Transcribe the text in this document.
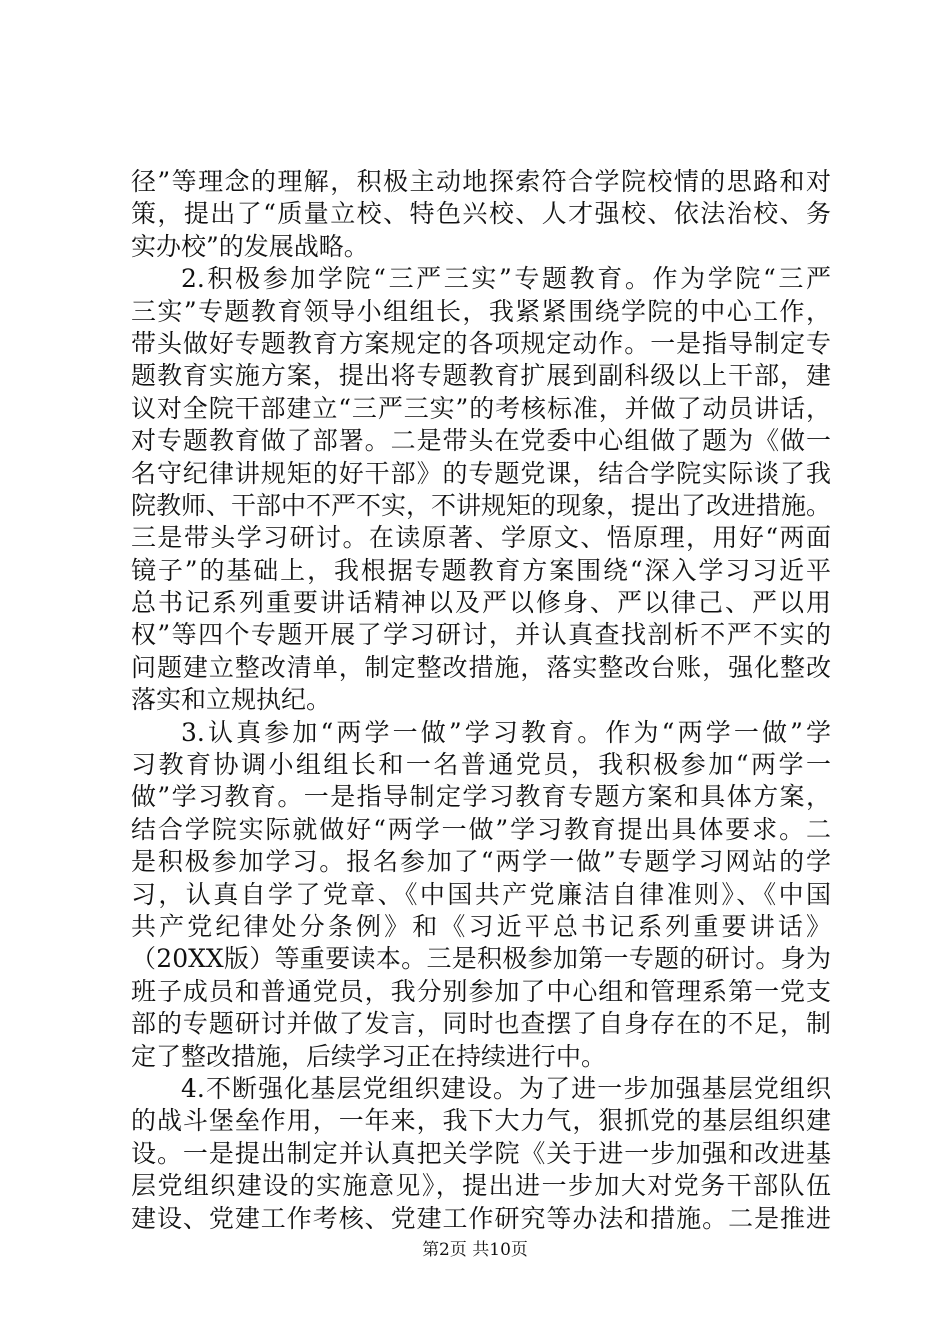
径”等理念的理解，积极主动地探索符合学院校情的思路和对
策，提出了“质量立校、特色兴校、人才强校、依法治校、务
实办校”的发展战略。
2.积极参加学院“三严三实”专题教育。作为学院“三严
三实”专题教育领导小组组长，我紧紧围绕学院的中心工作，
带头做好专题教育方案规定的各项规定动作。一是指导制定专
题教育实施方案，提出将专题教育扩展到副科级以上干部，建
议对全院干部建立“三严三实”的考核标准，并做了动员讲话，
对专题教育做了部署。二是带头在党委中心组做了题为《做一
名守纪律讲规矩的好干部》的专题党课，结合学院实际谈了我
院教师、干部中不严不实，不讲规矩的现象，提出了改进措施。
三是带头学习研讨。在读原著、学原文、悟原理，用好“两面
镜子”的基础上，我根据专题教育方案围绕“深入学习习近平
总书记系列重要讲话精神以及严以修身、严以律己、严以用
权”等四个专题开展了学习研讨，并认真查找剖析不严不实的
问题建立整改清单，制定整改措施，落实整改台账，强化整改
落实和立规执纪。
3.认真参加“两学一做”学习教育。作为“两学一做”学
习教育协调小组组长和一名普通党员，我积极参加“两学一
做”学习教育。一是指导制定学习教育专题方案和具体方案，
结合学院实际就做好“两学一做”学习教育提出具体要求。二
是积极参加学习。报名参加了“两学一做”专题学习网站的学
习，认真自学了党章、《中国共产党廉洁自律准则》、《中国
共产党纪律处分条例》和《习近平总书记系列重要讲话》
（20XX版）等重要读本。三是积极参加第一专题的研讨。身为
班子成员和普通党员，我分别参加了中心组和管理系第一党支
部的专题研讨并做了发言，同时也查摆了自身存在的不足，制
定了整改措施，后续学习正在持续进行中。
4.不断强化基层党组织建设。为了进一步加强基层党组织
的战斗堡垒作用，一年来，我下大力气，狠抓党的基层组织建
设。一是提出制定并认真把关学院《关于进一步加强和改进基
层党组织建设的实施意见》，提出进一步加大对党务干部队伍
建设、党建工作考核、党建工作研究等办法和措施。二是推进
第2页 共10页
